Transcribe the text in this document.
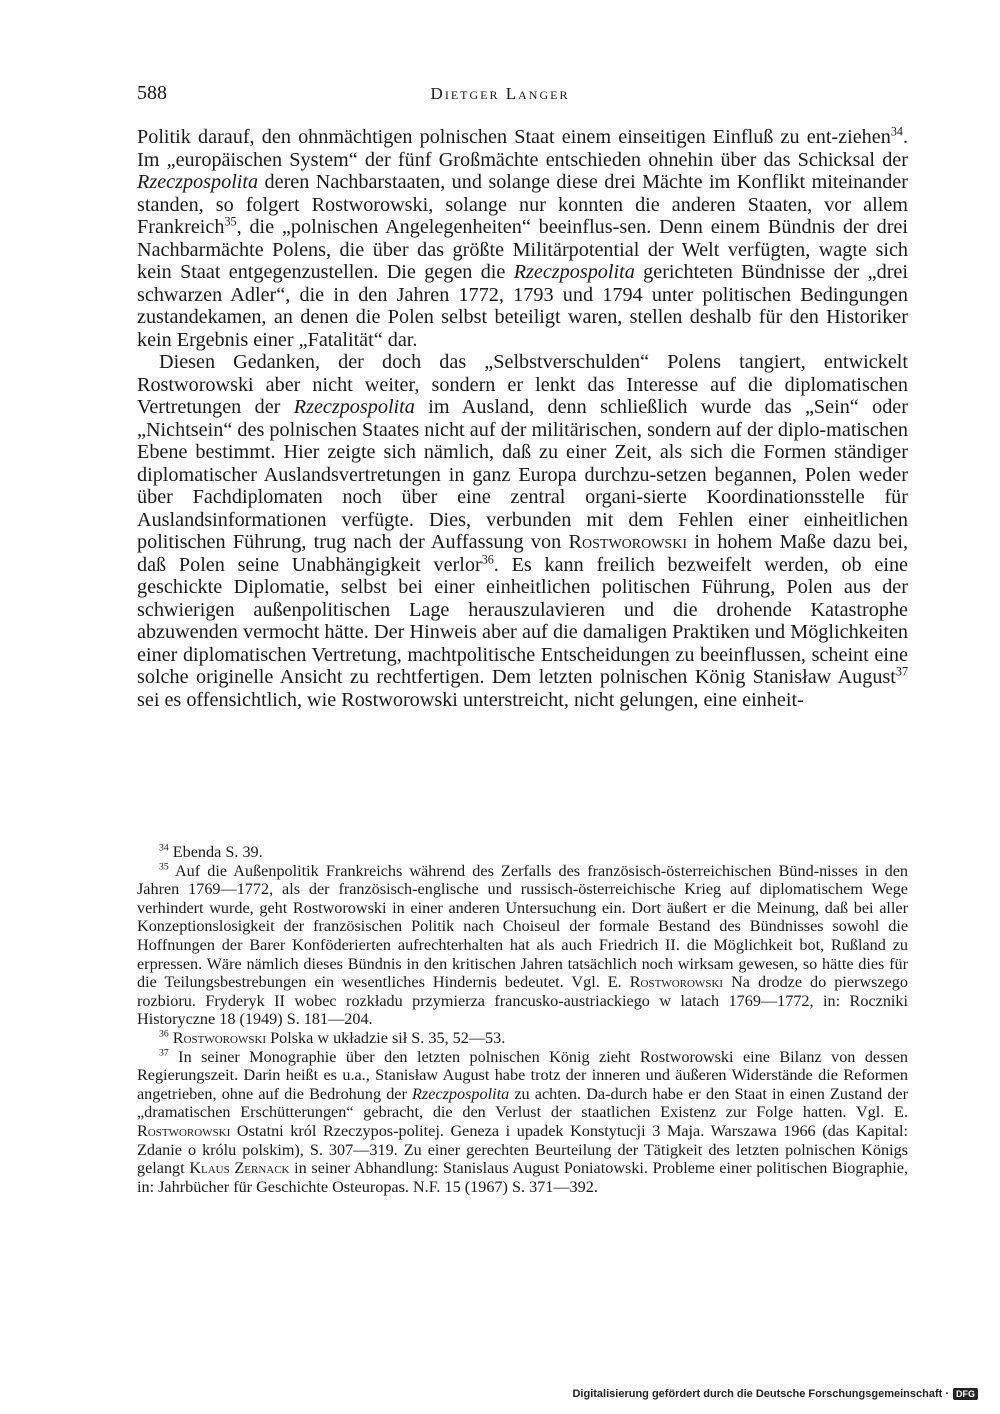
588	Dietger Langer

Politik darauf, den ohnmächtigen polnischen Staat einem einseitigen Einfluß zu ent-ziehen$^{34}$. Im „europäischen System“ der fünf Großmächte entschieden ohnehin über das Schicksal der Rzeczpospolita deren Nachbarstaaten, und solange diese drei Mächte im Konflikt miteinander standen, so folgert Rostworowski, solange nur konnten die anderen Staaten, vor allem Frankreich$^{35}$, die „polnischen Angelegenheiten“ beeinflus-sen. Denn einem Bündnis der drei Nachbarmächte Polens, die über das größte Militärpotential der Welt verfügten, wagte sich kein Staat entgegenzustellen. Die gegen die Rzeczpospolita gerichteten Bündnisse der „drei schwarzen Adler“, die in den Jahren 1772, 1793 und 1794 unter politischen Bedingungen zustandekamen, an denen die Polen selbst beteiligt waren, stellen deshalb für den Historiker kein Ergebnis einer „Fatalität“ dar.

Diesen Gedanken, der doch das „Selbstverschulden“ Polens tangiert, entwickelt Rostworowski aber nicht weiter, sondern er lenkt das Interesse auf die diplomatischen Vertretungen der Rzeczpospolita im Ausland, denn schließlich wurde das „Sein“ oder „Nichtsein“ des polnischen Staates nicht auf der militärischen, sondern auf der diplo-matischen Ebene bestimmt. Hier zeigte sich nämlich, daß zu einer Zeit, als sich die Formen ständiger diplomatischer Auslandsvertretungen in ganz Europa durchzu-setzen begannen, Polen weder über Fachdiplomaten noch über eine zentral organi-sierte Koordinationsstelle für Auslandsinformationen verfügte. Dies, verbunden mit dem Fehlen einer einheitlichen politischen Führung, trug nach der Auffassung von Rostworowski in hohem Maße dazu bei, daß Polen seine Unabhängigkeit verlor$^{36}$. Es kann freilich bezweifelt werden, ob eine geschickte Diplomatie, selbst bei einer einheitlichen politischen Führung, Polen aus der schwierigen außenpolitischen Lage herauszulavieren und die drohende Katastrophe abzuwenden vermocht hätte. Der Hinweis aber auf die damaligen Praktiken und Möglichkeiten einer diplomatischen Vertretung, machtpolitische Entscheidungen zu beeinflussen, scheint eine solche originelle Ansicht zu rechtfertigen. Dem letzten polnischen König Stanisław August$^{37}$ sei es offensichtlich, wie Rostworowski unterstreicht, nicht gelungen, eine einheit-

$^{34}$ Ebenda S. 39.

$^{35}$ Auf die Außenpolitik Frankreichs während des Zerfalls des französisch-österreichischen Bünd-nisses in den Jahren 1769—1772, als der französisch-englische und russisch-österreichische Krieg auf diplomatischem Wege verhindert wurde, geht Rostworowski in einer anderen Untersuchung ein. Dort äußert er die Meinung, daß bei aller Konzeptionslosigkeit der französischen Politik nach Choiseul der formale Bestand des Bündnisses sowohl die Hoffnungen der Barer Konföderierten aufrechterhalten hat als auch Friedrich II. die Möglichkeit bot, Rußland zu erpressen. Wäre nämlich dieses Bündnis in den kritischen Jahren tatsächlich noch wirksam gewesen, so hätte dies für die Teilungsbestrebungen ein wesentliches Hindernis bedeutet. Vgl. E. Rostworowski Na drodze do pierwszego rozbioru. Fryderyk II wobec rozkładu przymierza francusko-austriackiego w latach 1769—1772, in: Roczniki Historyczne 18 (1949) S. 181—204.

$^{36}$ Rostworowski Polska w układzie sił S. 35, 52—53.

$^{37}$ In seiner Monographie über den letzten polnischen König zieht Rostworowski eine Bilanz von dessen Regierungszeit. Darin heißt es u.a., Stanisław August habe trotz der inneren und äußeren Widerstände die Reformen angetrieben, ohne auf die Bedrohung der Rzeczpospolita zu achten. Da-durch habe er den Staat in einen Zustand der „dramatischen Erschütterungen“ gebracht, die den Verlust der staatlichen Existenz zur Folge hatten. Vgl. E. Rostworowski Ostatni król Rzeczypos-politej. Geneza i upadek Konstytucji 3 Maja. Warszawa 1966 (das Kapital: Zdanie o królu polskim), S. 307—319. Zu einer gerechten Beurteilung der Tätigkeit des letzten polnischen Königs gelangt Klaus Zernack in seiner Abhandlung: Stanislaus August Poniatowski. Probleme einer politischen Biographie, in: Jahrbücher für Geschichte Osteuropas. N.F. 15 (1967) S. 371—392.

Digitalisierung gefördert durch die Deutsche Forschungsgemeinschaft · DFG
